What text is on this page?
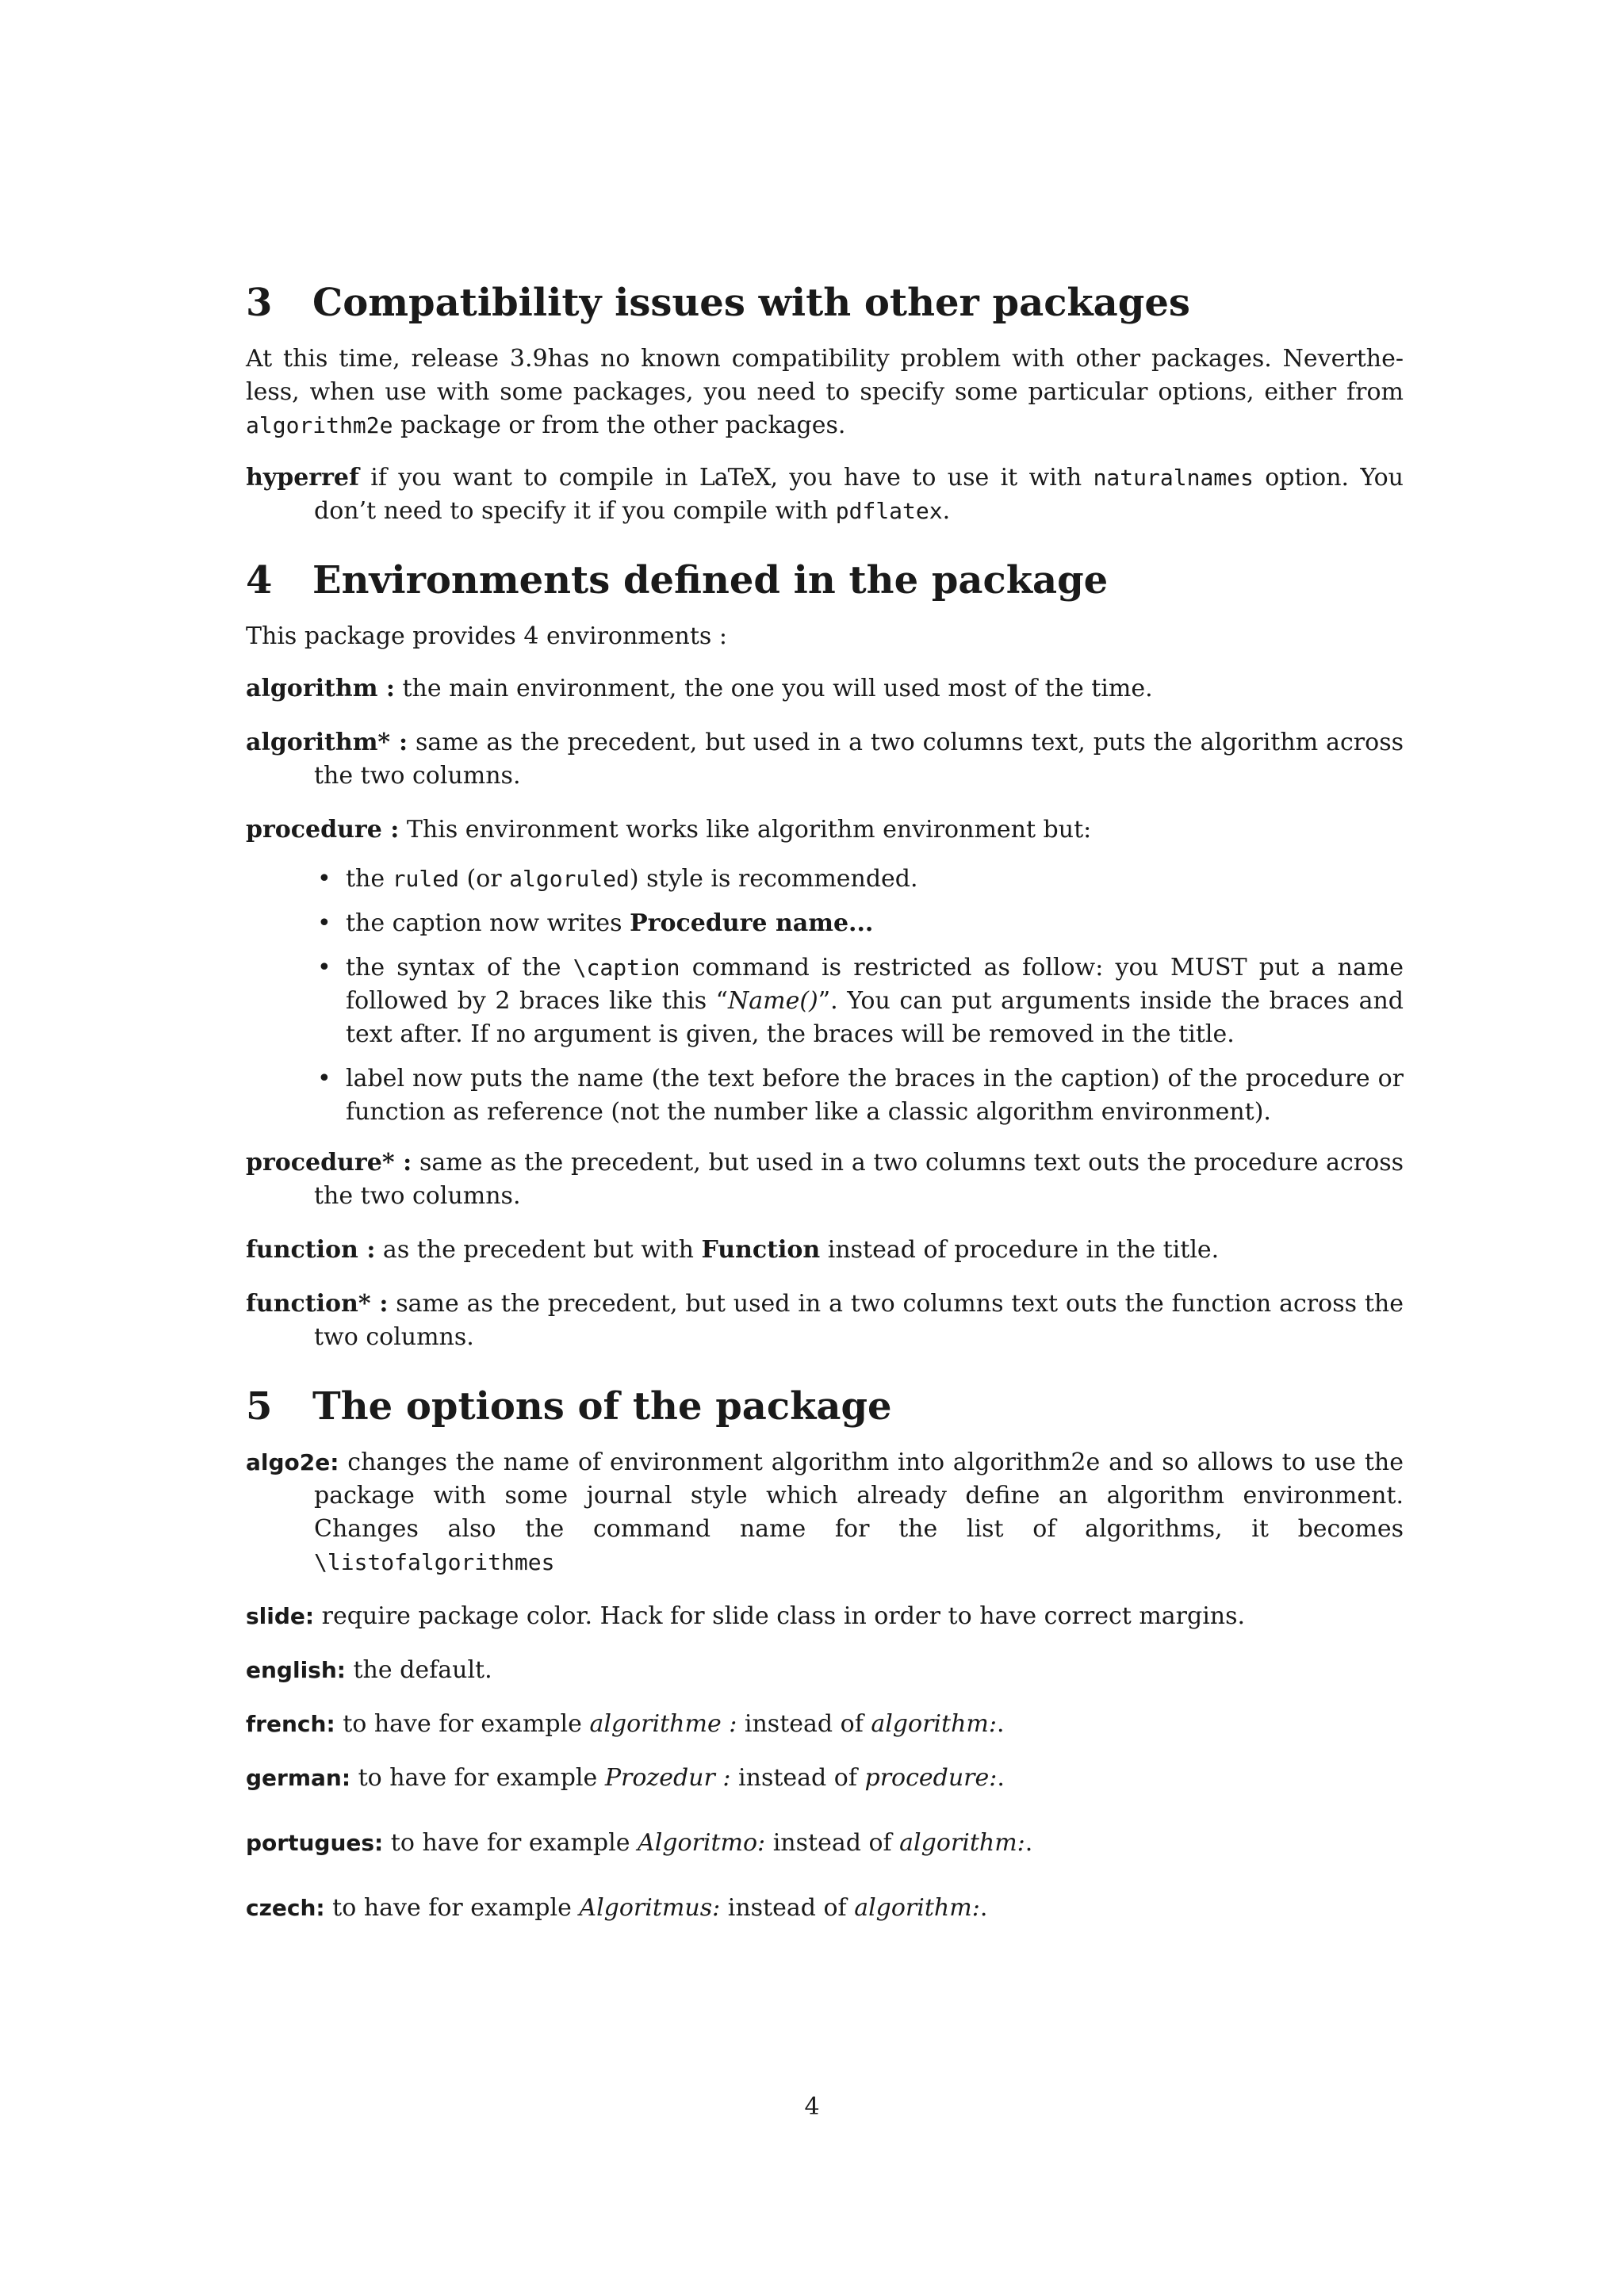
3 Compatibility issues with other packages

At this time, release 3.9has no known compatibility problem with other packages. Neverthe-less, when use with some packages, you need to specify some particular options, either from algorithm2e package or from the other packages.

hyperref if you want to compile in LaTeX, you have to use it with naturalnames option. You don’t need to specify it if you compile with pdflatex.
4 Environments defined in the package

This package provides 4 environments :

algorithm : the main environment, the one you will used most of the time.
algorithm* : same as the precedent, but used in a two columns text, puts the algorithm across the two columns.
procedure : This environment works like algorithm environment but:
• the ruled (or algoruled) style is recommended.
• the caption now writes Procedure name...
• the syntax of the \caption command is restricted as follow: you MUST put a name followed by 2 braces like this “Name()”. You can put arguments inside the braces and text after. If no argument is given, the braces will be removed in the title.
• label now puts the name (the text before the braces in the caption) of the procedure or function as reference (not the number like a classic algorithm environment).
procedure* : same as the precedent, but used in a two columns text outs the procedure across the two columns.
function : as the precedent but with Function instead of procedure in the title.
function* : same as the precedent, but used in a two columns text outs the function across the two columns.
5 The options of the package
algo2e: changes the name of environment algorithm into algorithm2e and so allows to use the package with some journal style which already define an algorithm environment. Changes also the command name for the list of algorithms, it becomes \listofalgorithmes
slide: require package color. Hack for slide class in order to have correct margins.
english: the default.
french: to have for example algorithme : instead of algorithm:.
german: to have for example Prozedur : instead of procedure:.
portugues: to have for example Algoritmo: instead of algorithm:.
czech: to have for example Algoritmus: instead of algorithm:.
4
